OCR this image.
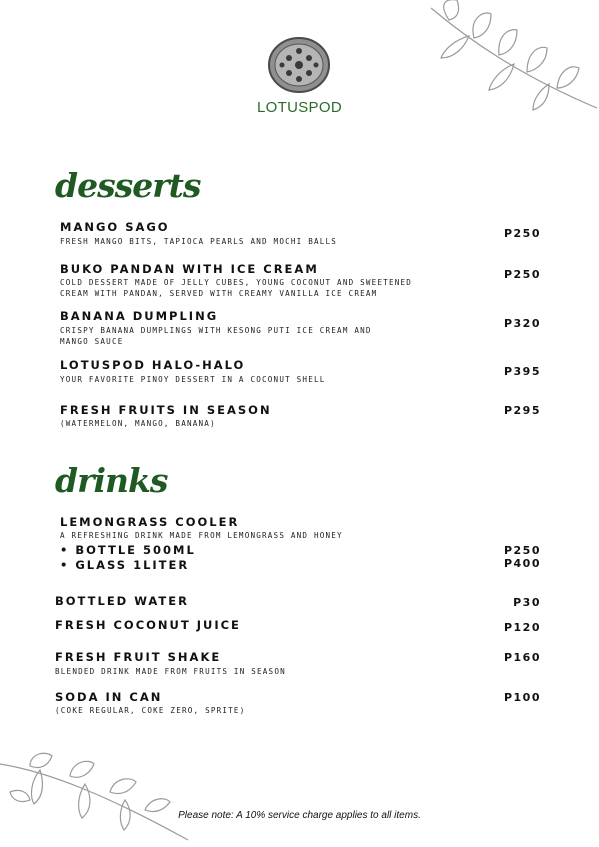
LOTUSPOD
desserts
MANGO SAGO
FRESH MANGO BITS, TAPIOCA PEARLS AND MOCHI BALLS
P250
BUKO PANDAN WITH ICE CREAM
COLD DESSERT MADE OF JELLY CUBES, YOUNG COCONUT AND SWEETENED
CREAM WITH PANDAN, SERVED WITH CREAMY VANILLA ICE CREAM
P250
BANANA DUMPLING
CRISPY BANANA DUMPLINGS WITH KESONG PUTI ICE CREAM AND
MANGO SAUCE
P320
LOTUSPOD HALO-HALO
YOUR FAVORITE PINOY DESSERT IN A COCONUT SHELL
P395
FRESH FRUITS IN SEASON
(WATERMELON, MANGO, BANANA)
P295
drinks
LEMONGRASS COOLER
A REFRESHING DRINK MADE FROM LEMONGRASS AND HONEY
• BOTTLE 500ML	P250
• GLASS 1LITER	P400
BOTTLED WATER	P30
FRESH COCONUT JUICE	P120
FRESH FRUIT SHAKE
BLENDED DRINK MADE FROM FRUITS IN SEASON
P160
SODA IN CAN
(COKE REGULAR, COKE ZERO, SPRITE)
P100
Please note: A 10% service charge applies to all items.
